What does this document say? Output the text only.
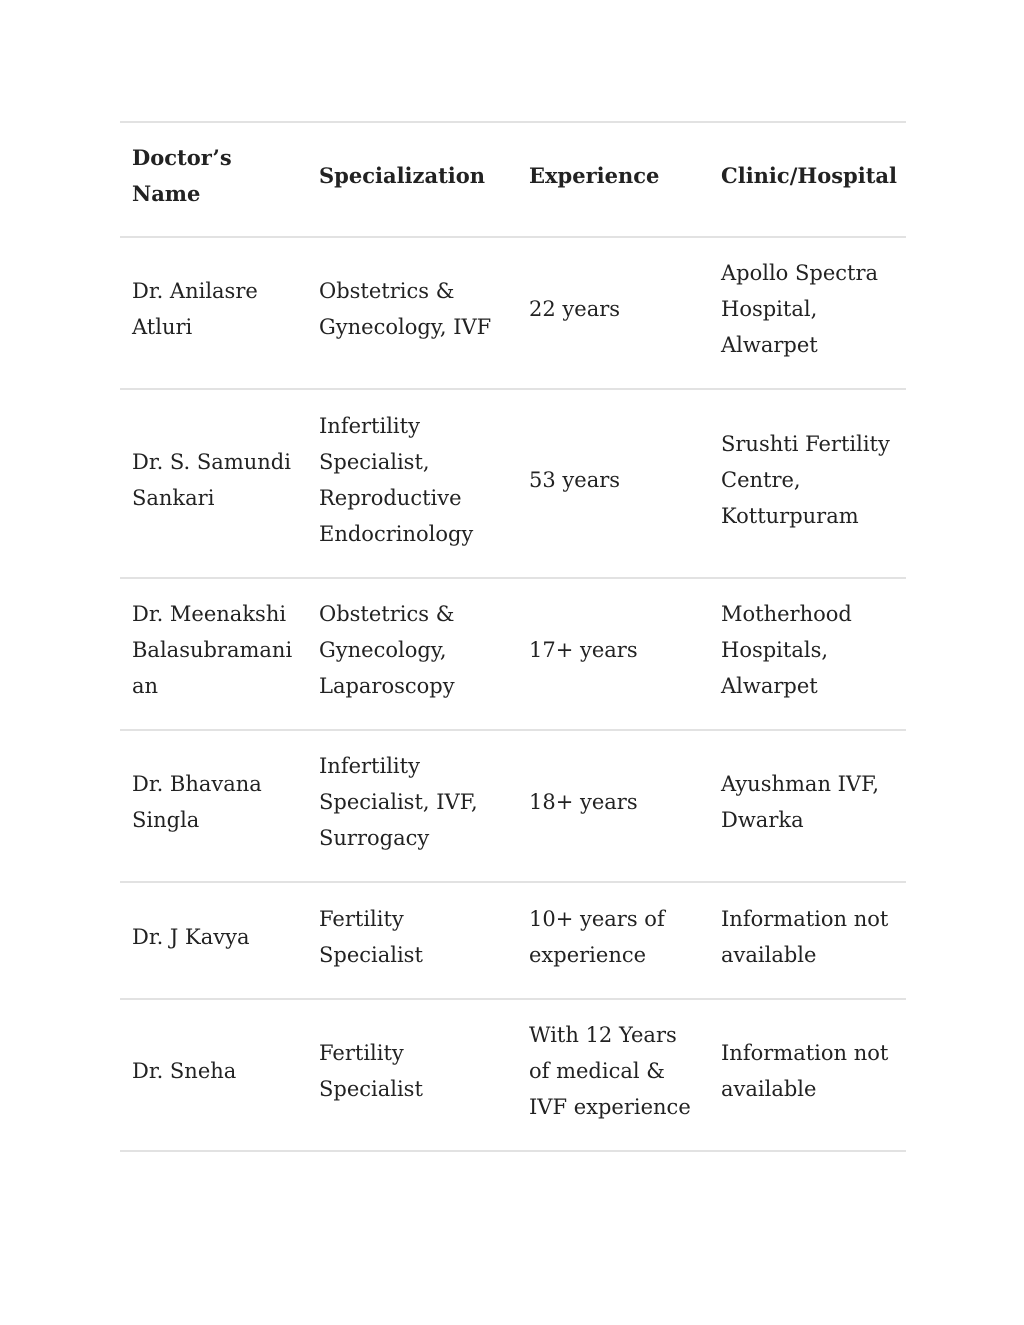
Doctor’s Name	Specialization	Experience	Clinic/Hospital

Dr. Anilasre Atluri	Obstetrics & Gynecology, IVF	22 years	Apollo Spectra Hospital, Alwarpet

Dr. S. Samundi Sankari	Infertility Specialist, Reproductive Endocrinology	53 years	Srushti Fertility Centre, Kotturpuram

Dr. Meenakshi Balasubramanian	Obstetrics & Gynecology, Laparoscopy	17+ years	Motherhood Hospitals, Alwarpet

Dr. Bhavana Singla	Infertility Specialist, IVF, Surrogacy	18+ years	Ayushman IVF, Dwarka

Dr. J Kavya	Fertility Specialist	10+ years of experience	Information not available

Dr. Sneha	Fertility Specialist	With 12 Years of medical & IVF experience	Information not available
